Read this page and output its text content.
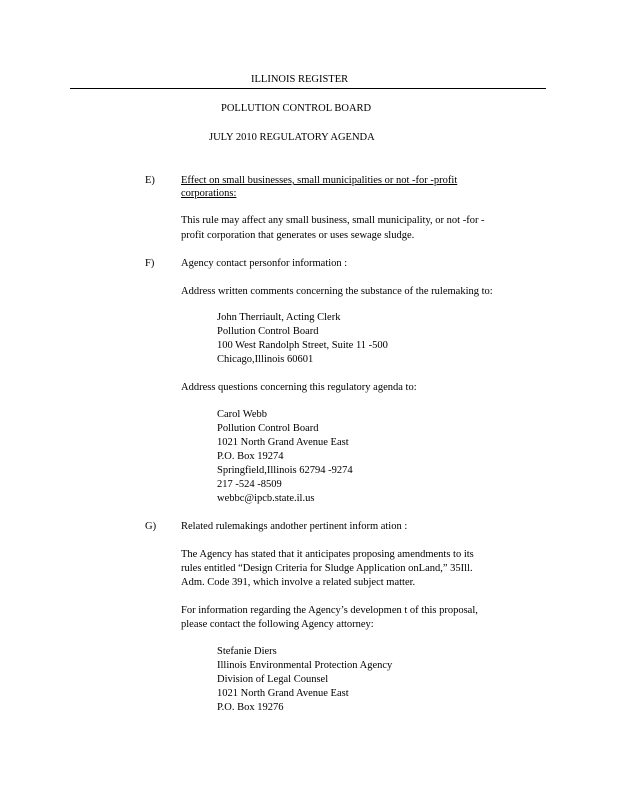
ILLINOIS REGISTER
POLLUTION CONTROL BOARD
JULY 2010 REGULATORY AGENDA
E) Effect on small businesses, small municipalities or not -for -profit
corporations:
This rule may affect any small business, small municipality, or not -for -
profit corporation that generates or uses sewage sludge.
F)	Agency contact personfor information :
Address written comments concerning the substance of the rulemaking to:
John Therriault, Acting Clerk
Pollution Control Board
100 West Randolph Street, Suite 11 -500
Chicago,Illinois 60601
Address questions concerning this regulatory agenda to:
Carol Webb
Pollution Control Board
1021 North Grand Avenue East
P.O. Box 19274
Springfield,Illinois 62794 -9274
217 -524 -8509
webbc@ipcb.state.il.us
G) Related rulemakings andother pertinent inform ation :
The Agency has stated that it anticipates proposing amendments to its
rules entitled “Design Criteria for Sludge Application onLand,” 35Ill.
Adm. Code 391, which involve a related subject matter.
For information regarding the Agency’s developmen t of this proposal,
please contact the following Agency attorney:
Stefanie Diers
Illinois Environmental Protection Agency
Division of Legal Counsel
1021 North Grand Avenue East
P.O. Box 19276
